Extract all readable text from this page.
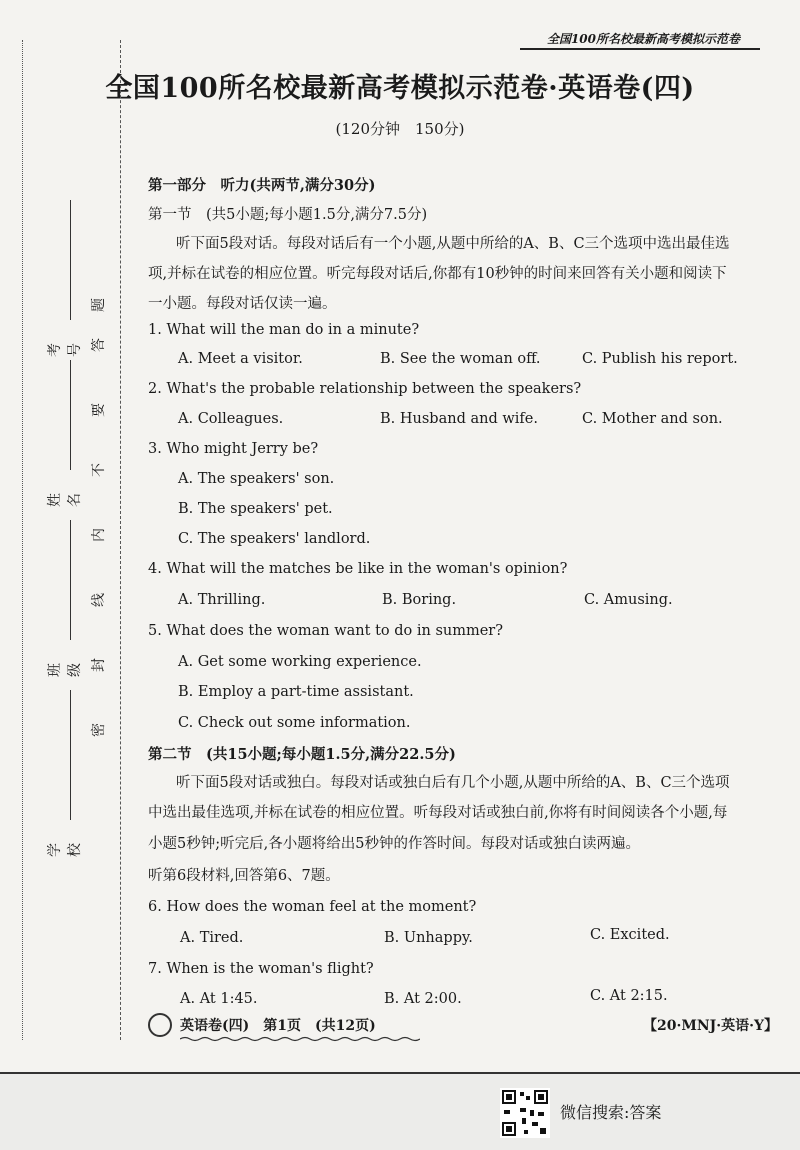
全国100所名校最新高考模拟示范卷
全国100所名校最新高考模拟示范卷·英语卷(四)
(120分钟　150分)
题
答
要
不
内
线
封
密
考号
姓名
班级
学校
第一部分　听力(共两节,满分30分)
第一节　(共5小题;每小题1.5分,满分7.5分)
听下面5段对话。每段对话后有一个小题,从题中所给的A、B、C三个选项中选出最佳选
项,并标在试卷的相应位置。听完每段对话后,你都有10秒钟的时间来回答有关小题和阅读下
一小题。每段对话仅读一遍。
1. What will the man do in a minute?
A. Meet a visitor.	B. See the woman off.	C. Publish his report.
2. What's the probable relationship between the speakers?
A. Colleagues.	B. Husband and wife.	C. Mother and son.
3. Who might Jerry be?
A. The speakers' son.
B. The speakers' pet.
C. The speakers' landlord.
4. What will the matches be like in the woman's opinion?
A. Thrilling.	B. Boring.	C. Amusing.
5. What does the woman want to do in summer?
A. Get some working experience.
B. Employ a part-time assistant.
C. Check out some information.
第二节　(共15小题;每小题1.5分,满分22.5分)
听下面5段对话或独白。每段对话或独白后有几个小题,从题中所给的A、B、C三个选项
中选出最佳选项,并标在试卷的相应位置。听每段对话或独白前,你将有时间阅读各个小题,每
小题5秒钟;听完后,各小题将给出5秒钟的作答时间。每段对话或独白读两遍。
听第6段材料,回答第6、7题。
6. How does the woman feel at the moment?
A. Tired.	B. Unhappy.	C. Excited.
7. When is the woman's flight?
A. At 1:45.	B. At 2:00.	C. At 2:15.
英语卷(四)　第1页　(共12页)	【20·MNJ·英语·Y】
微信搜索:答案
